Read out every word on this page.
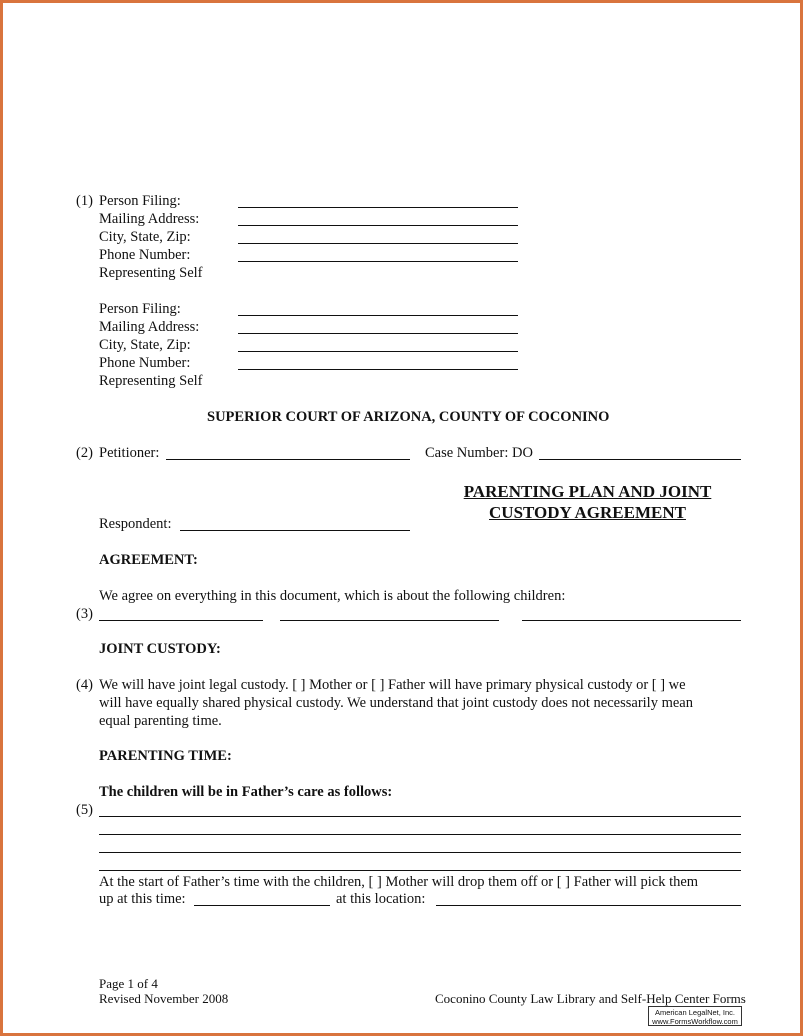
(1) Person Filing:
Mailing Address:
City, State, Zip:
Phone Number:
Representing Self
Person Filing:
Mailing Address:
City, State, Zip:
Phone Number:
Representing Self
SUPERIOR COURT OF ARIZONA, COUNTY OF COCONINO
(2) Petitioner:	Case Number: DO
PARENTING PLAN AND JOINT
CUSTODY AGREEMENT
Respondent:
AGREEMENT:
We agree on everything in this document, which is about the following children:
(3)
JOINT CUSTODY:
(4) We will have joint legal custody. [ ] Mother or [ ] Father will have primary physical custody or [ ] we
will have equally shared physical custody. We understand that joint custody does not necessarily mean
equal parenting time.
PARENTING TIME:
The children will be in Father’s care as follows:
(5)
At the start of Father’s time with the children, [ ] Mother will drop them off or [ ] Father will pick them
up at this time:	at this location:
Page 1 of 4
Revised November 2008	Coconino County Law Library and Self-Help Center Forms
American LegalNet, Inc.
www.FormsWorkflow.com
